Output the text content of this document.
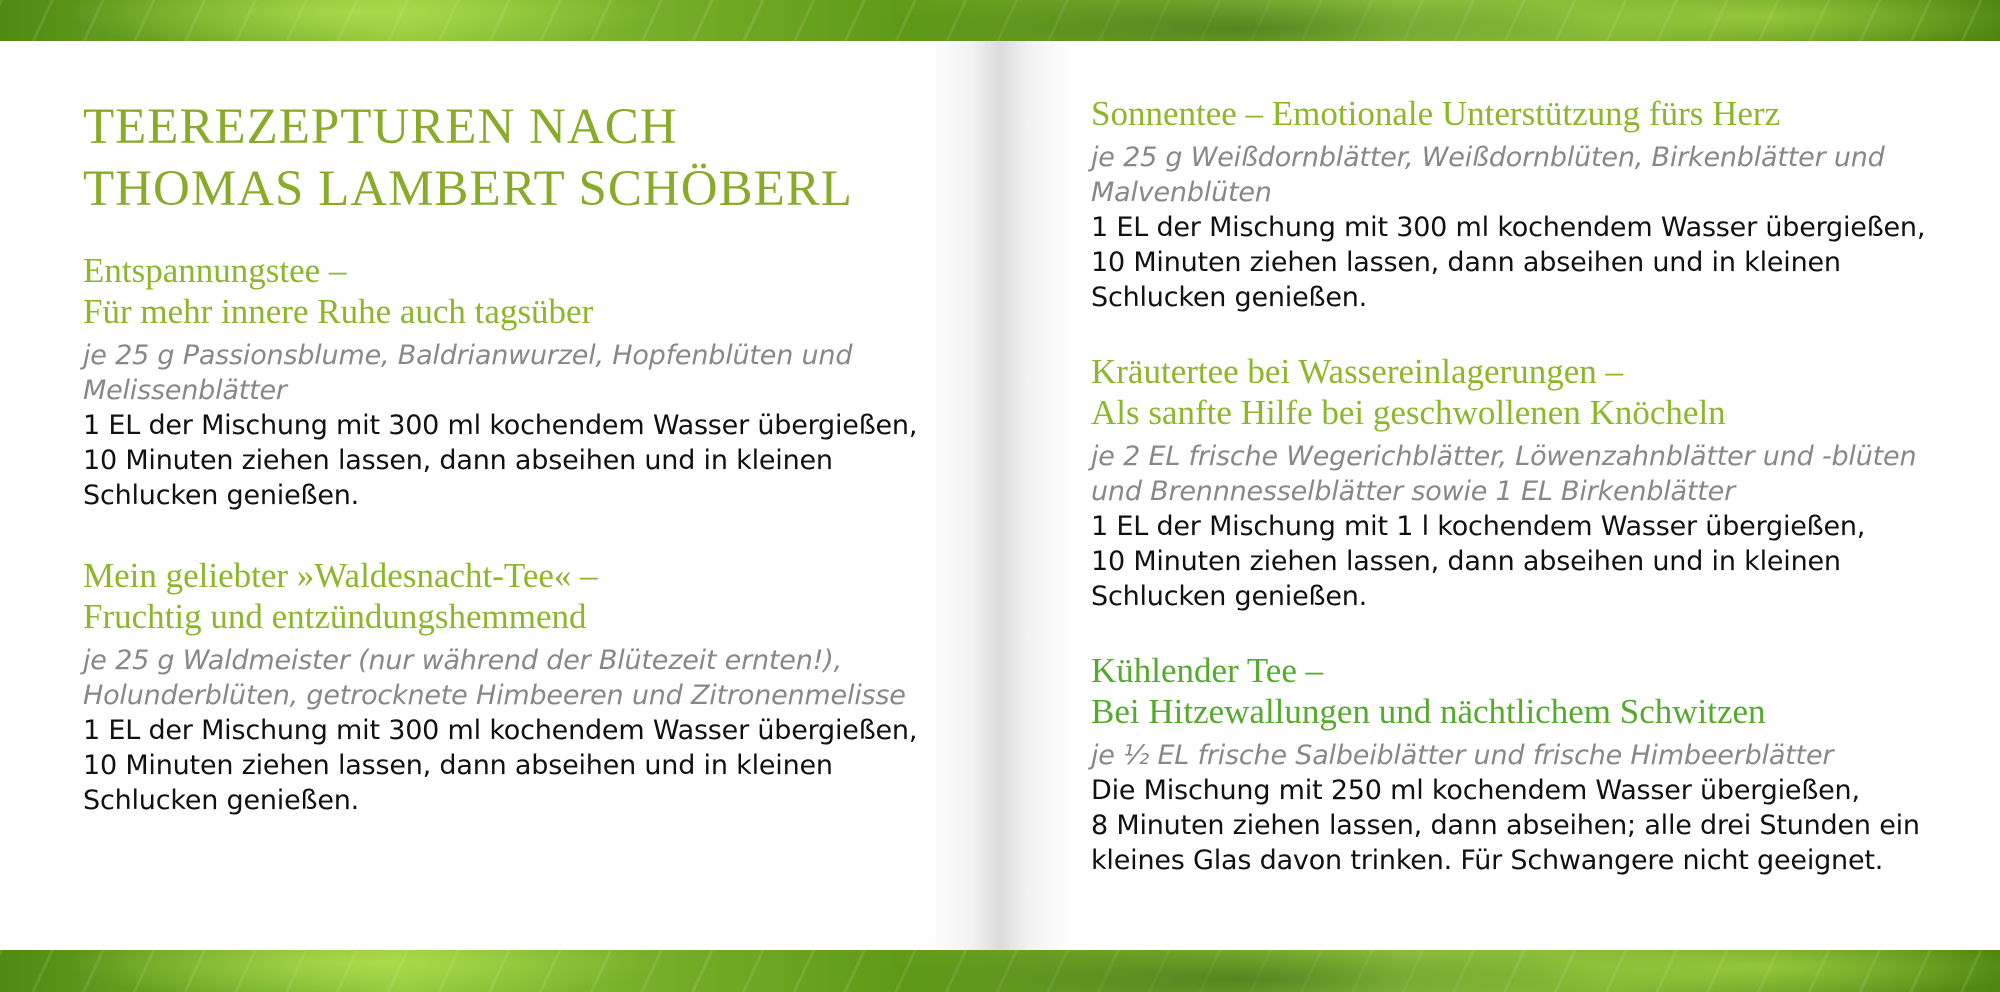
TEEREZEPTUREN NACH
THOMAS LAMBERT SCHÖBERL
Entspannungstee –
Für mehr innere Ruhe auch tagsüber

je 25 g Passionsblume, Baldrianwurzel, Hopfenblüten und
Melissenblätter

1 EL der Mischung mit 300 ml kochendem Wasser übergießen,
10 Minuten ziehen lassen, dann abseihen und in kleinen
Schlucken genießen.

Mein geliebter »Waldesnacht-Tee« –
Fruchtig und entzündungshemmend

je 25 g Waldmeister (nur während der Blütezeit ernten!),
Holunderblüten, getrocknete Himbeeren und Zitronenmelisse

1 EL der Mischung mit 300 ml kochendem Wasser übergießen,
10 Minuten ziehen lassen, dann abseihen und in kleinen
Schlucken genießen.

Sonnentee – Emotionale Unterstützung fürs Herz

je 25 g Weißdornblätter, Weißdornblüten, Birkenblätter und
Malvenblüten

1 EL der Mischung mit 300 ml kochendem Wasser übergießen,
10 Minuten ziehen lassen, dann abseihen und in kleinen
Schlucken genießen.

Kräutertee bei Wassereinlagerungen –
Als sanfte Hilfe bei geschwollenen Knöcheln

je 2 EL frische Wegerichblätter, Löwenzahnblätter und -blüten
und Brennnesselblätter sowie 1 EL Birkenblätter

1 EL der Mischung mit 1 l kochendem Wasser übergießen,
10 Minuten ziehen lassen, dann abseihen und in kleinen
Schlucken genießen.

Kühlender Tee –
Bei Hitzewallungen und nächtlichem Schwitzen

je ½ EL frische Salbeiblätter und frische Himbeerblätter

Die Mischung mit 250 ml kochendem Wasser übergießen,
8 Minuten ziehen lassen, dann abseihen; alle drei Stunden ein
kleines Glas davon trinken. Für Schwangere nicht geeignet.
